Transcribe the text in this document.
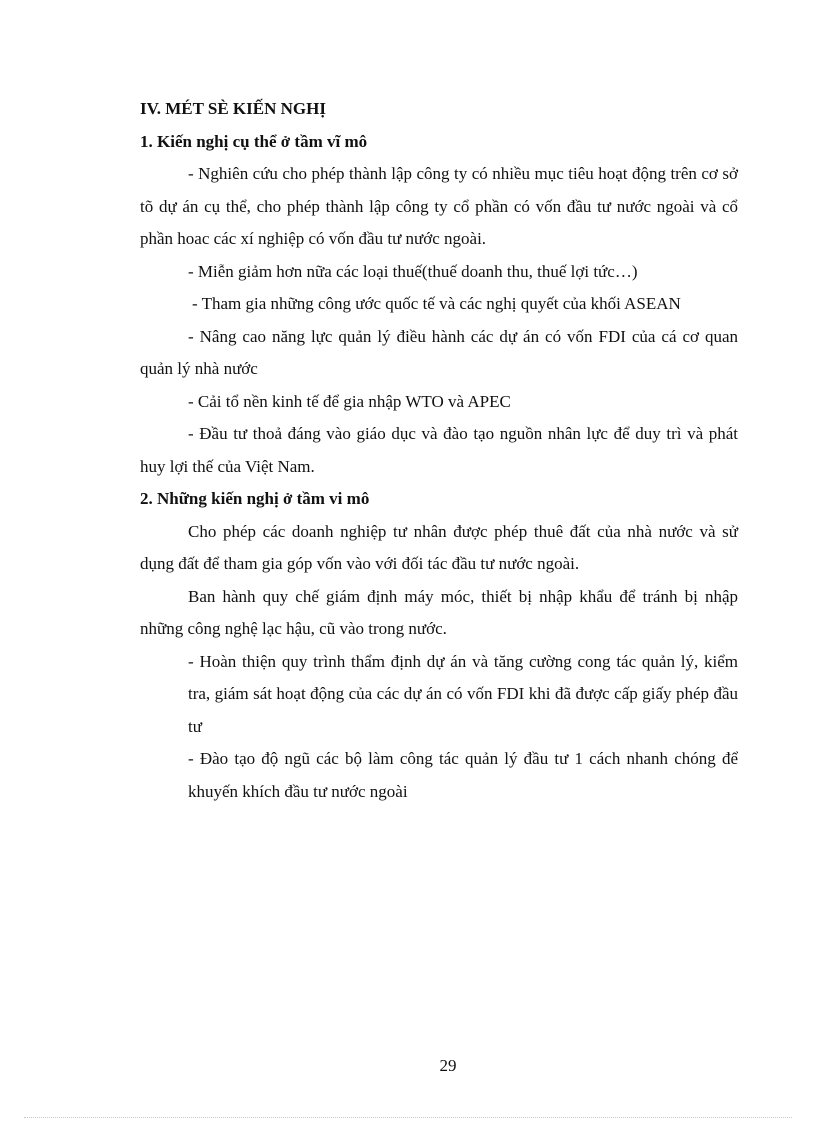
IV. MÉT SÈ KIẾN NGHỊ

1. Kiến nghị cụ thể ở tầm vĩ mô

- Nghiên cứu cho phép thành lập công ty có nhiều mục tiêu hoạt động trên cơ sở tõ dự án cụ thể, cho phép thành lập công ty cổ phần có vốn đầu tư nước ngoài và cổ phần hoac các xí nghiệp có vốn đầu tư nước ngoài.

- Miễn giảm hơn nữa các loại thuế(thuế doanh thu, thuế lợi tức…)

- Tham gia những công ước quốc tế và các nghị quyết của khối ASEAN

- Nâng cao năng lực quản lý điều hành các dự án có vốn FDI của cá cơ quan quản lý nhà nước

- Cải tổ nền kinh tế để gia nhập WTO và APEC

- Đầu tư thoả đáng vào giáo dục và đào tạo nguồn nhân lực để duy trì và phát huy lợi thế của Việt Nam.

2. Những kiến nghị ở tầm vi mô

Cho phép các doanh nghiệp tư nhân được phép thuê đất của nhà nước và sử dụng đất để tham gia góp vốn vào với đối tác đầu tư nước ngoài.

Ban hành quy chế giám định máy móc, thiết bị nhập khẩu để tránh bị nhập những công nghệ lạc hậu, cũ vào trong nước.

- Hoàn thiện quy trình thẩm định dự án và tăng cường cong tác quản lý, kiểm tra, giám sát hoạt động của các dự án có vốn FDI khi đã được cấp giấy phép đầu tư

- Đào tạo độ ngũ các bộ làm công tác quản lý đầu tư 1 cách nhanh chóng để khuyến khích đầu tư nước ngoài

29
